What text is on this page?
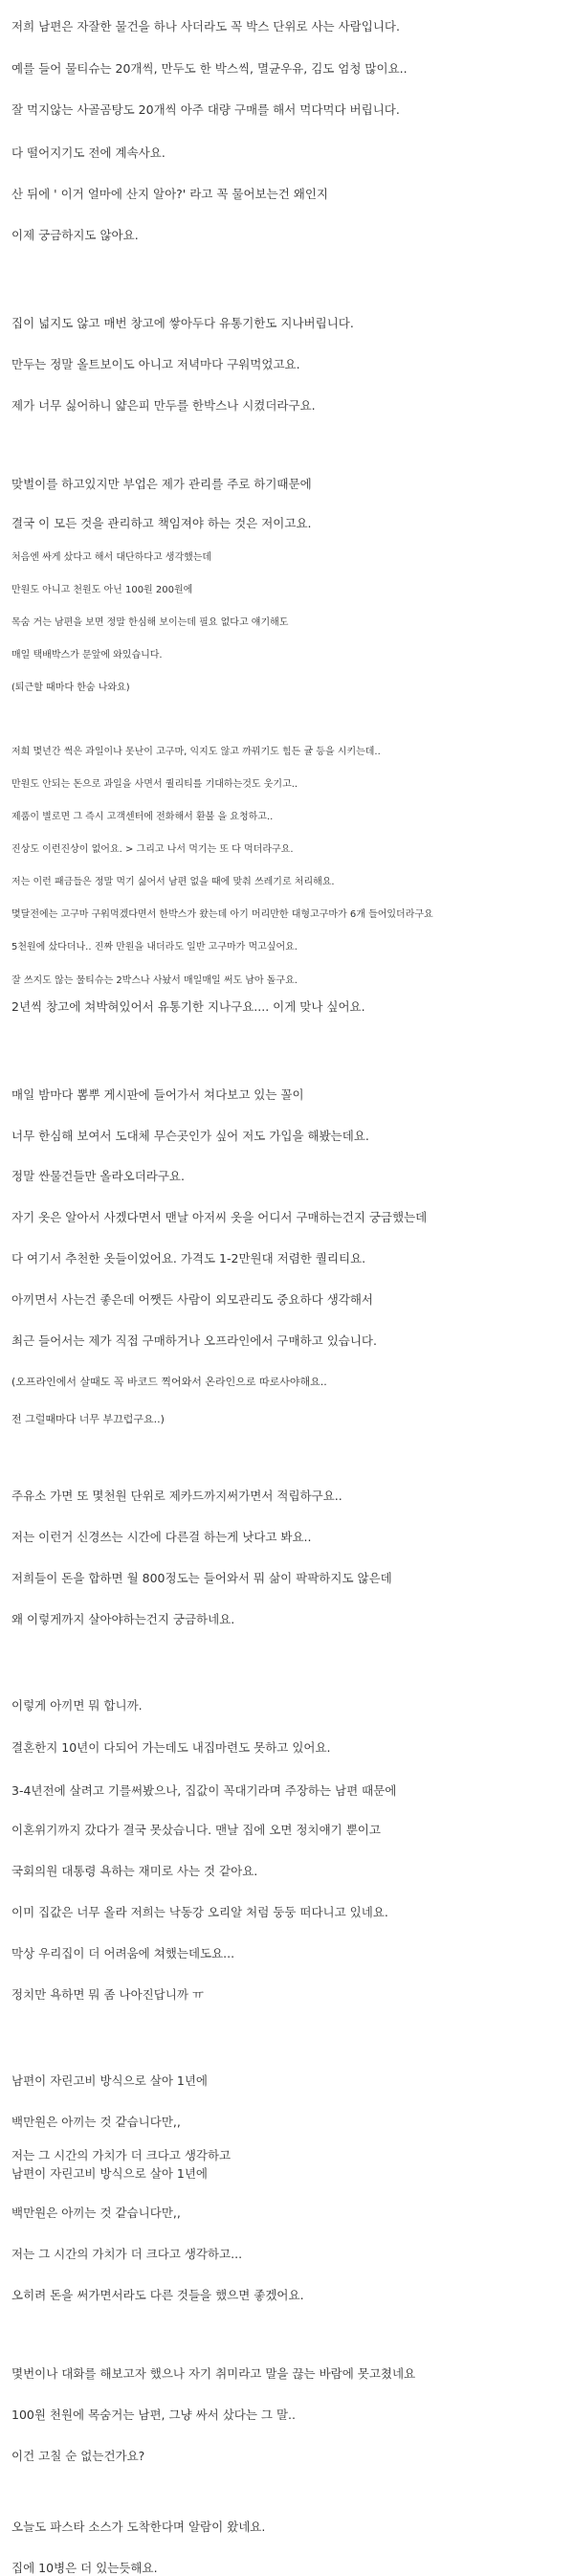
저희 남편은 자잘한 물건을 하나 사더라도 꼭 박스 단위로 사는 사람입니다.
예를 들어 물티슈는 20개씩, 만두도 한 박스씩, 멸균우유, 김도 엄청 많이요..
잘 먹지않는 사골곰탕도 20개씩 아주 대량 구매를 해서 먹다먹다 버립니다.
다 떨어지기도 전에 계속사요.
산 뒤에 ' 이거 얼마에 산지 알아?' 라고 꼭 물어보는건 왜인지
이제 궁금하지도 않아요.
집이 넓지도 않고 매번 창고에 쌓아두다 유통기한도 지나버립니다.
만두는 정말 올트보이도 아니고 저녁마다 구워먹었고요.
제가 너무 싫어하니 얇은피 만두를 한박스나 시켰더라구요.
맞벌이를 하고있지만 부업은 제가 관리를 주로 하기때문에
결국 이 모든 것을 관리하고 책임져야 하는 것은 저이고요.
처음엔 싸게 샀다고 해서 대단하다고 생각했는데
만원도 아니고 천원도 아닌 100원 200원에
목숨 거는 남편을 보면 정말 한심해 보이는데 필요 없다고 얘기해도
매일 택배박스가 문앞에 와있습니다.
(퇴근할 때마다 한숨 나와요)
저희 몇년간 썩은 과일이나 못난이 고구마, 익지도 않고 까꿔기도 힘든 귤 등을 시키는데..
만원도 안되는 돈으로 과일을 사면서 퀄리티를 기대하는것도 웃기고..
제품이 별로면 그 즉시 고객센터에 전화해서 환불 을 요청하고..
진상도 이런진상이 없어요. > 그리고 나서 먹기는 또 다 먹더라구요.
저는 이런 패금들은 정말 먹기 싫어서 남편 없을 때에 맞춰 쓰레기로 처리해요.
몇달전에는 고구마 구워먹겠다면서 한박스가 왔는데 아기 머리만한 대형고구마가 6개 들어있더라구요
5천원에 샀다더나.. 진짜 만원을 내더라도 일반 고구마가 먹고싶어요.
잘 쓰지도 않는 물티슈는 2박스나 사놨서 매일매일 써도 남아 돌구요.
2년씩 창고에 쳐박혀있어서 유통기한 지나구요.... 이게 맞나 싶어요.
매일 밤마다 뽐뿌 게시판에 들어가서 쳐다보고 있는 꼴이
너무 한심해 보여서 도대체 무슨곳인가 싶어 저도 가입을 해봤는데요.
정말 싼물건들만 올라오더라구요.
자기 옷은 알아서 사겠다면서 맨날 아저씨 옷을 어디서 구매하는건지 궁금했는데
다 여기서 추천한 옷들이었어요. 가격도 1-2만원대 저렴한 퀄리티요.
아끼면서 사는건 좋은데 어쨋든 사람이 외모관리도 중요하다 생각해서
최근 들어서는 제가 직접 구매하거나 오프라인에서 구매하고 있습니다.
(오프라인에서 살때도 꼭 바코드 찍어와서 온라인으로 따로사야해요..
전 그럴때마다 너무 부끄럽구요..)
주유소 가면 또 몇천원 단위로 제카드까지써가면서 적립하구요..
저는 이런거 신경쓰는 시간에 다른걸 하는게 낫다고 봐요..
저희들이 돈을 합하면 월 800정도는 들어와서 뭐 삶이 팍팍하지도 않은데
왜 이렇게까지 살아야하는건지 궁금하네요.
이렇게 아끼면 뭐 합니까.
결혼한지 10년이 다되어 가는데도 내집마련도 못하고 있어요.
3-4년전에 살려고 기를써봤으나, 집값이 꼭대기라며 주장하는 남편 때문에
이혼위기까지 갔다가 결국 못샀습니다. 맨날 집에 오면 정치얘기 뿐이고
국회의원 대통령 욕하는 재미로 사는 것 같아요.
이미 집값은 너무 올라 저희는 낙동강 오리알 처럼 둥둥 떠다니고 있네요.
막상 우리집이 더 어려움에 쳐했는데도요...
정치만 욕하면 뭐 좀 나아진답니까 ㅠ
남편이 자린고비 방식으로 살아 1년에
백만원은 아끼는 것 같습니다만,,
저는 그 시간의 가치가 더 크다고 생각하고
남편이 자린고비 방식으로 살아 1년에
백만원은 아끼는 것 같습니다만,,
저는 그 시간의 가치가 더 크다고 생각하고...
오히려 돈을 써가면서라도 다른 것들을 했으면 좋겠어요.
몇번이나 대화를 해보고자 했으나 자기 취미라고 말을 끊는 바람에 못고쳤네요
100원 천원에 목숨거는 남편, 그냥 싸서 샀다는 그 말..
이건 고칠 순 없는건가요?
오늘도 파스타 소스가 도착한다며 알람이 왔네요.
집에 10병은 더 있는듯해요.
